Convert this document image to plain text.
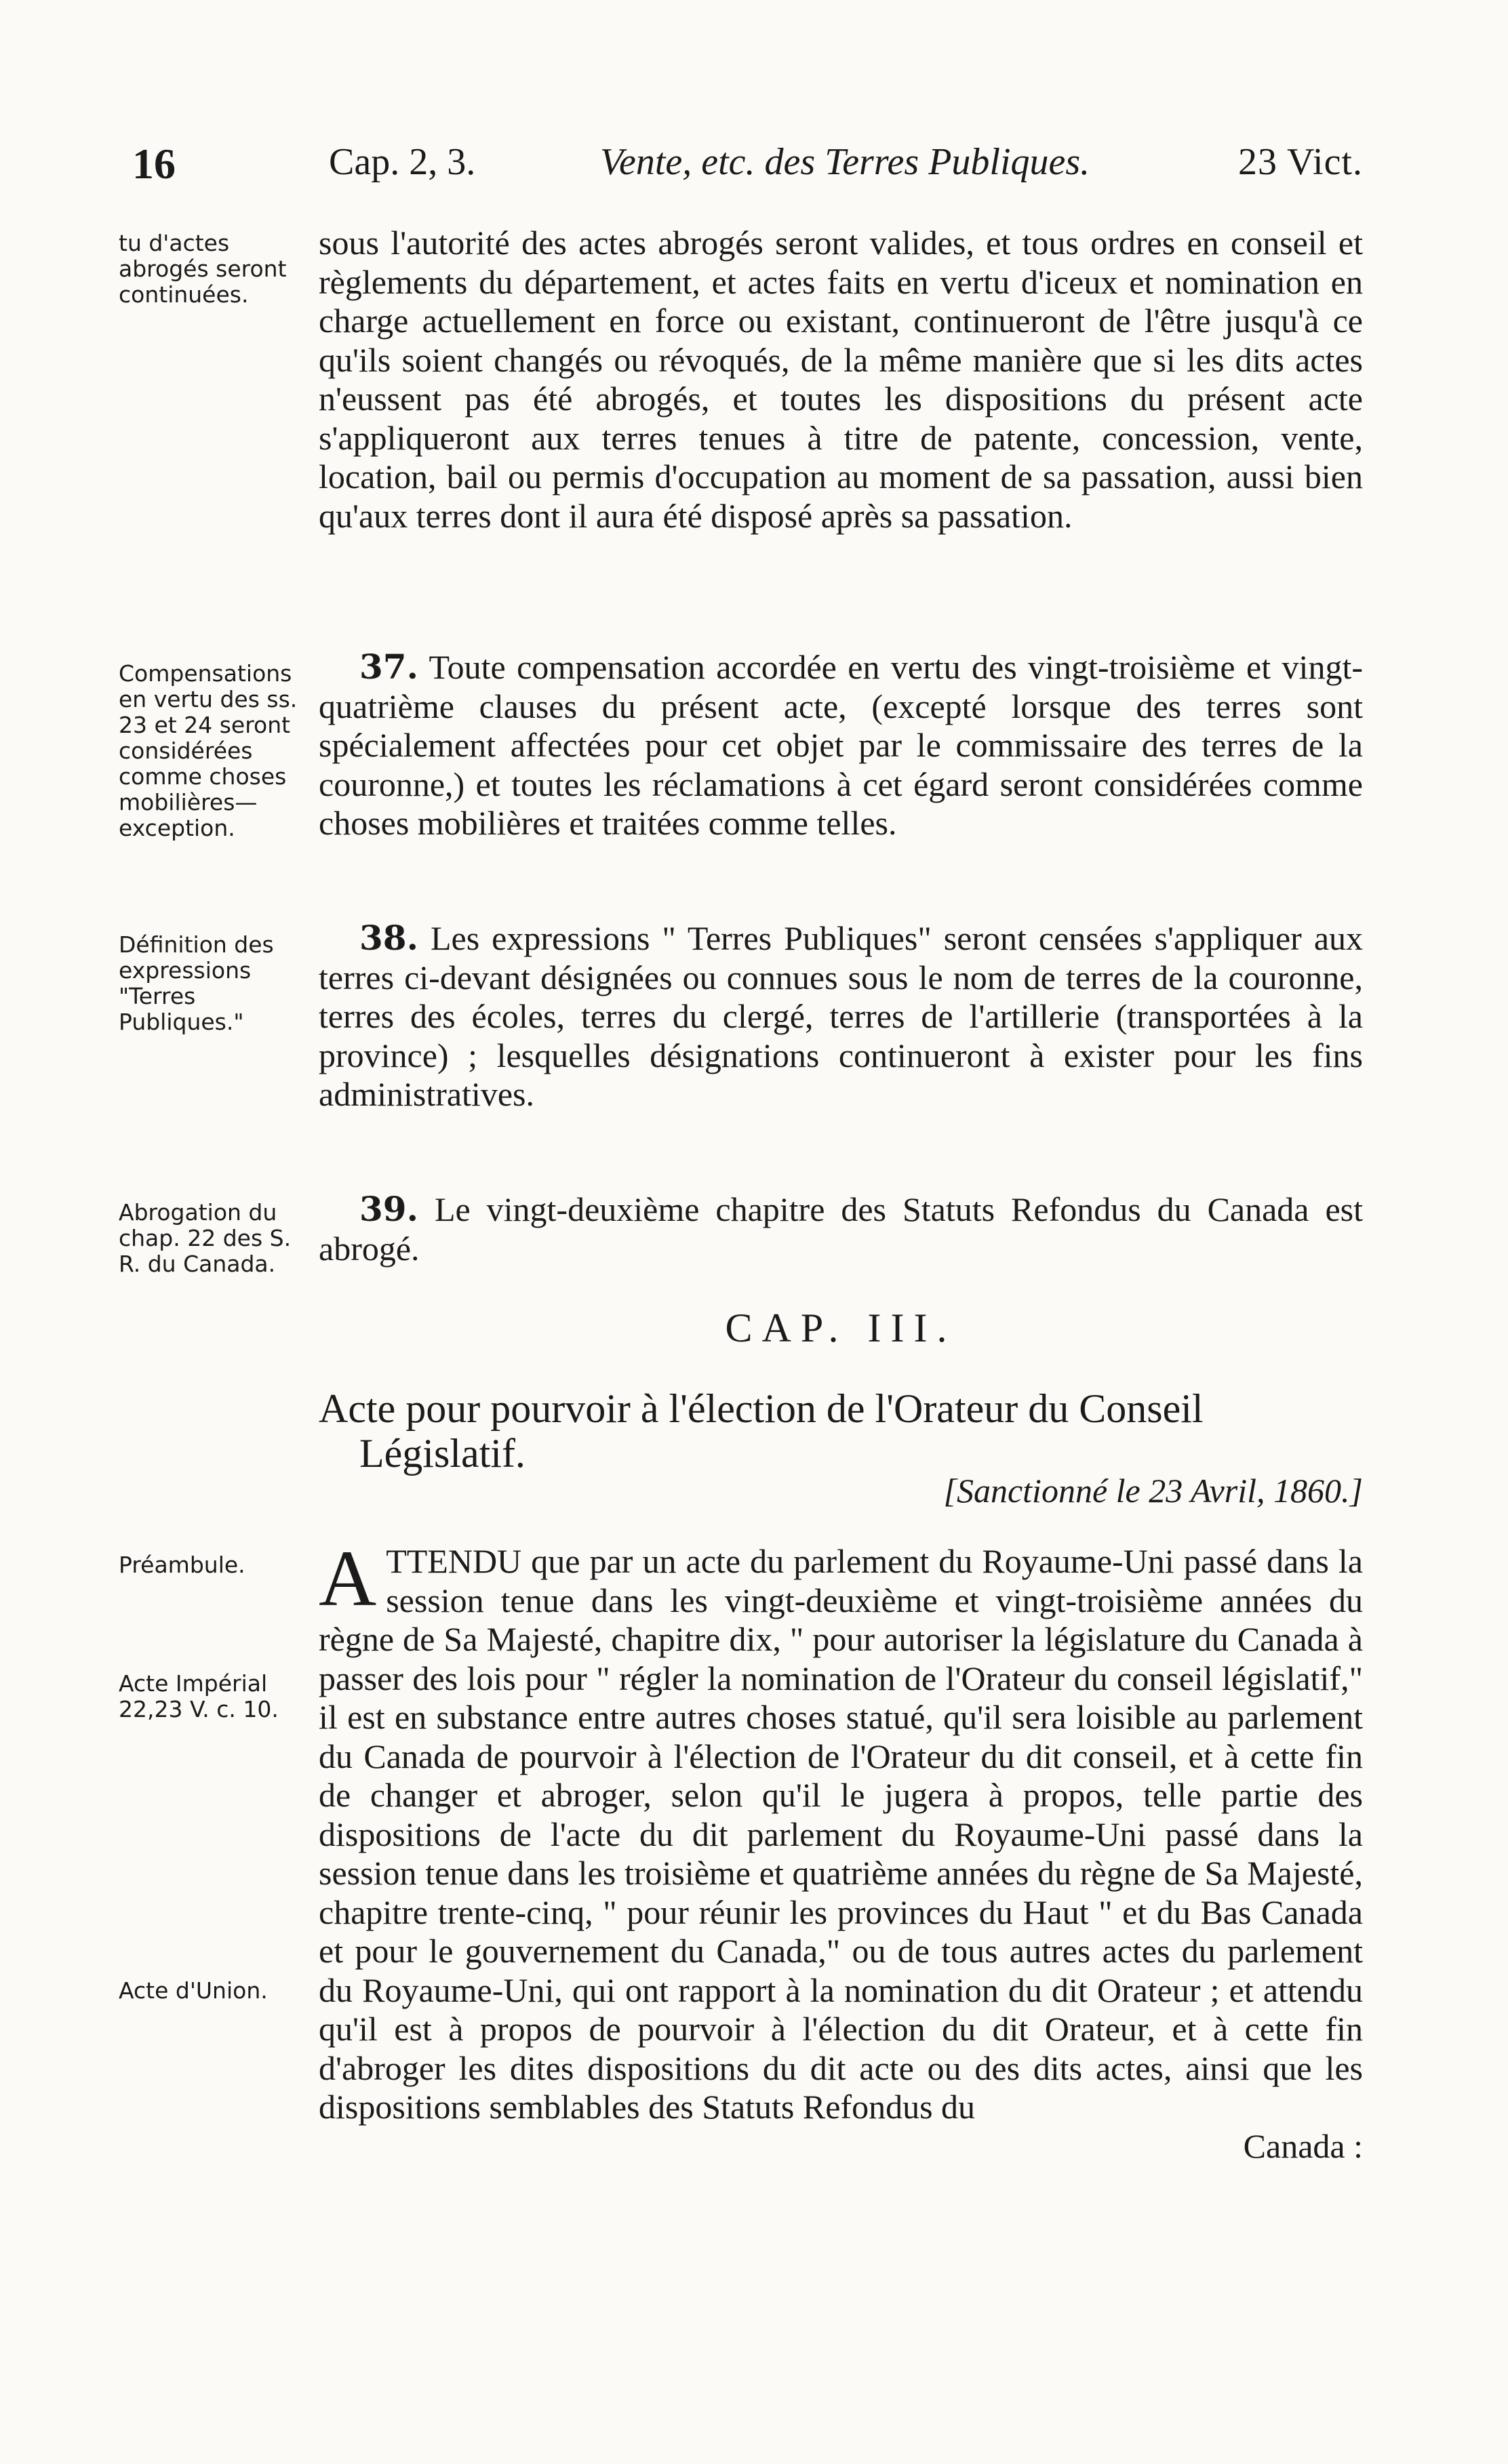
16	Cap. 2, 3.	Vente, etc. des Terres Publiques.	23 Vict.

tu d'actes abrogés seront continuées.

Compensations en vertu des ss. 23 et 24 seront considérées comme choses mobilières—exception.

Définition des expressions "Terres Publiques."

Abrogation du chap. 22 des S. R. du Canada.

Préambule.

Acte Impérial 22,23 V. c. 10.

Acte d'Union.

sous l'autorité des actes abrogés seront valides, et tous ordres en conseil et règlements du département, et actes faits en vertu d'iceux et nomination en charge actuellement en force ou existant, continueront de l'être jusqu'à ce qu'ils soient changés ou révoqués, de la même manière que si les dits actes n'eussent pas été abrogés, et toutes les dispositions du présent acte s'appliqueront aux terres tenues à titre de patente, concession, vente, location, bail ou permis d'occupation au moment de sa passation, aussi bien qu'aux terres dont il aura été disposé après sa passation.

37. Toute compensation accordée en vertu des vingt-troisième et vingt-quatrième clauses du présent acte, (excepté lorsque des terres sont spécialement affectées pour cet objet par le commissaire des terres de la couronne,) et toutes les réclamations à cet égard seront considérées comme choses mobilières et traitées comme telles.

38. Les expressions " Terres Publiques" seront censées s'appliquer aux terres ci-devant désignées ou connues sous le nom de terres de la couronne, terres des écoles, terres du clergé, terres de l'artillerie (transportées à la province) ; lesquelles désignations continueront à exister pour les fins administratives.

39. Le vingt-deuxième chapitre des Statuts Refondus du Canada est abrogé.

CAP. III.
Acte pour pourvoir à l'élection de l'Orateur du Conseil
Législatif.
[Sanctionné le 23 Avril, 1860.]
A TTENDU que par un acte du parlement du Royaume-Uni passé dans la session tenue dans les vingt-deuxième et vingt-troisième années du règne de Sa Majesté, chapitre dix, " pour autoriser la législature du Canada à passer des lois pour " régler la nomination de l'Orateur du conseil législatif," il est en substance entre autres choses statué, qu'il sera loisible au parlement du Canada de pourvoir à l'élection de l'Orateur du dit conseil, et à cette fin de changer et abroger, selon qu'il le jugera à propos, telle partie des dispositions de l'acte du dit parlement du Royaume-Uni passé dans la session tenue dans les troisième et quatrième années du règne de Sa Majesté, chapitre trente-cinq, " pour réunir les provinces du Haut " et du Bas Canada et pour le gouvernement du Canada," ou de tous autres actes du parlement du Royaume-Uni, qui ont rapport à la nomination du dit Orateur ; et attendu qu'il est à propos de pourvoir à l'élection du dit Orateur, et à cette fin d'abroger les dites dispositions du dit acte ou des dits actes, ainsi que les dispositions semblables des Statuts Refondus du
Canada :
